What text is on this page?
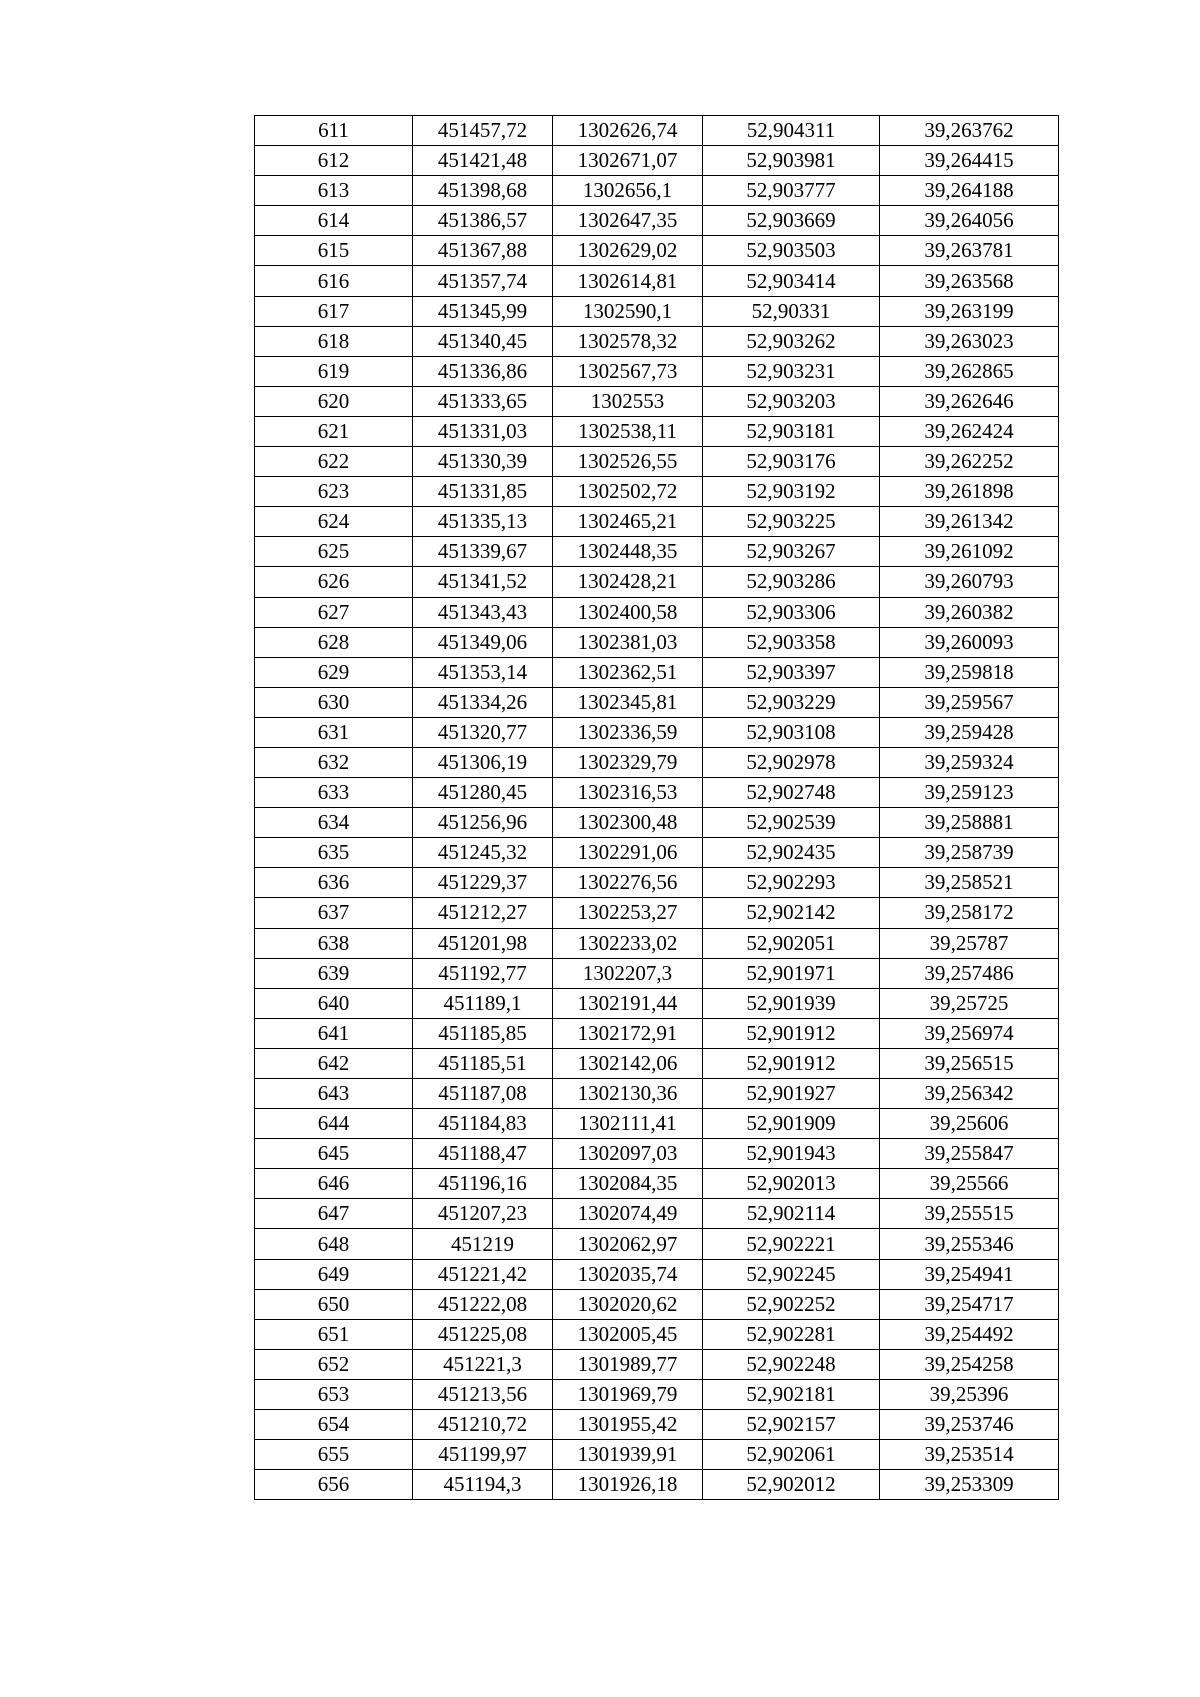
611	451457,72	1302626,74	52,904311	39,263762
612	451421,48	1302671,07	52,903981	39,264415
613	451398,68	1302656,1	52,903777	39,264188
614	451386,57	1302647,35	52,903669	39,264056
615	451367,88	1302629,02	52,903503	39,263781
616	451357,74	1302614,81	52,903414	39,263568
617	451345,99	1302590,1	52,90331	39,263199
618	451340,45	1302578,32	52,903262	39,263023
619	451336,86	1302567,73	52,903231	39,262865
620	451333,65	1302553	52,903203	39,262646
621	451331,03	1302538,11	52,903181	39,262424
622	451330,39	1302526,55	52,903176	39,262252
623	451331,85	1302502,72	52,903192	39,261898
624	451335,13	1302465,21	52,903225	39,261342
625	451339,67	1302448,35	52,903267	39,261092
626	451341,52	1302428,21	52,903286	39,260793
627	451343,43	1302400,58	52,903306	39,260382
628	451349,06	1302381,03	52,903358	39,260093
629	451353,14	1302362,51	52,903397	39,259818
630	451334,26	1302345,81	52,903229	39,259567
631	451320,77	1302336,59	52,903108	39,259428
632	451306,19	1302329,79	52,902978	39,259324
633	451280,45	1302316,53	52,902748	39,259123
634	451256,96	1302300,48	52,902539	39,258881
635	451245,32	1302291,06	52,902435	39,258739
636	451229,37	1302276,56	52,902293	39,258521
637	451212,27	1302253,27	52,902142	39,258172
638	451201,98	1302233,02	52,902051	39,25787
639	451192,77	1302207,3	52,901971	39,257486
640	451189,1	1302191,44	52,901939	39,25725
641	451185,85	1302172,91	52,901912	39,256974
642	451185,51	1302142,06	52,901912	39,256515
643	451187,08	1302130,36	52,901927	39,256342
644	451184,83	1302111,41	52,901909	39,25606
645	451188,47	1302097,03	52,901943	39,255847
646	451196,16	1302084,35	52,902013	39,25566
647	451207,23	1302074,49	52,902114	39,255515
648	451219	1302062,97	52,902221	39,255346
649	451221,42	1302035,74	52,902245	39,254941
650	451222,08	1302020,62	52,902252	39,254717
651	451225,08	1302005,45	52,902281	39,254492
652	451221,3	1301989,77	52,902248	39,254258
653	451213,56	1301969,79	52,902181	39,25396
654	451210,72	1301955,42	52,902157	39,253746
655	451199,97	1301939,91	52,902061	39,253514
656	451194,3	1301926,18	52,902012	39,253309
